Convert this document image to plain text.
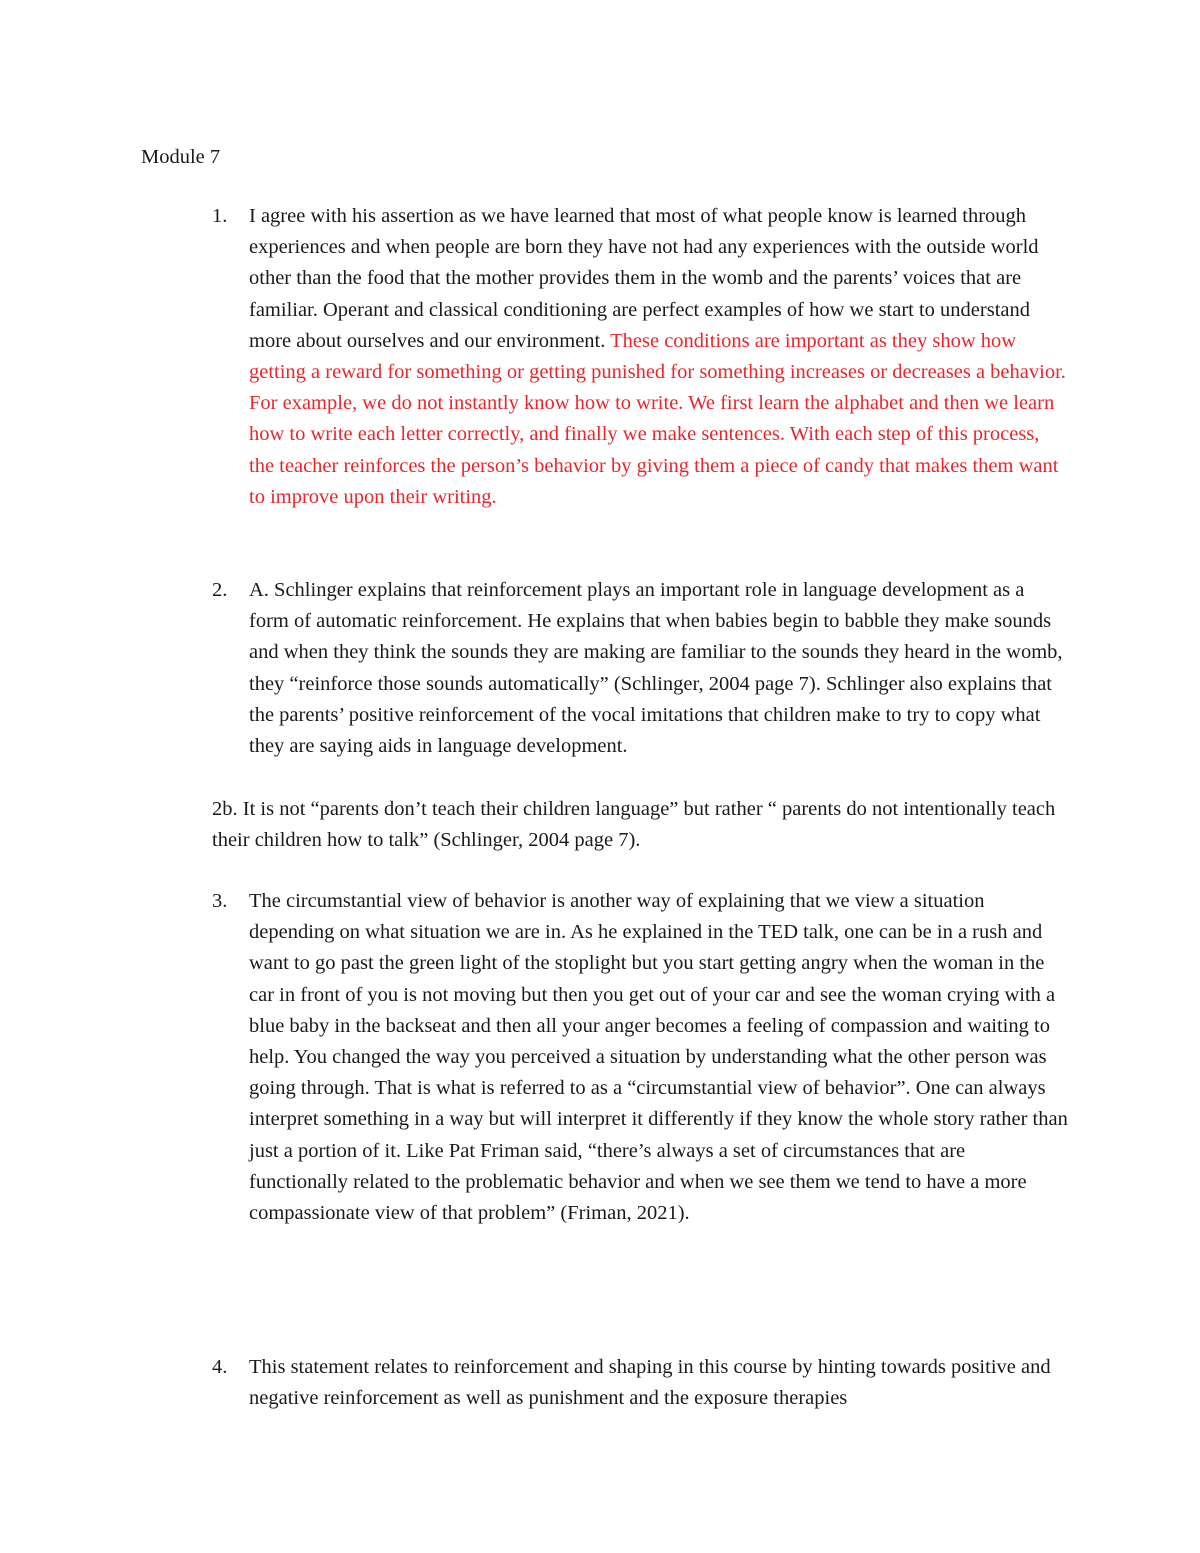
Module 7
1.	I agree with his assertion as we have learned that most of what people know is learned through experiences and when people are born they have not had any experiences with the outside world other than the food that the mother provides them in the womb and the parents’ voices that are familiar. Operant and classical conditioning are perfect examples of how we start to understand more about ourselves and our environment. These conditions are important as they show how getting a reward for something or getting punished for something increases or decreases a behavior. For example, we do not instantly know how to write. We first learn the alphabet and then we learn how to write each letter correctly, and finally we make sentences. With each step of this process, the teacher reinforces the person’s behavior by giving them a piece of candy that makes them want to improve upon their writing.
2.	A. Schlinger explains that reinforcement plays an important role in language development as a form of automatic reinforcement. He explains that when babies begin to babble they make sounds and when they think the sounds they are making are familiar to the sounds they heard in the womb, they “reinforce those sounds automatically” (Schlinger, 2004 page 7). Schlinger also explains that the parents’ positive reinforcement of the vocal imitations that children make to try to copy what they are saying aids in language development.
2b. It is not “parents don’t teach their children language” but rather “ parents do not intentionally teach their children how to talk” (Schlinger, 2004 page 7).
3.	The circumstantial view of behavior is another way of explaining that we view a situation depending on what situation we are in. As he explained in the TED talk, one can be in a rush and want to go past the green light of the stoplight but you start getting angry when the woman in the car in front of you is not moving but then you get out of your car and see the woman crying with a blue baby in the backseat and then all your anger becomes a feeling of compassion and waiting to help. You changed the way you perceived a situation by understanding what the other person was going through. That is what is referred to as a “circumstantial view of behavior”. One can always interpret something in a way but will interpret it differently if they know the whole story rather than just a portion of it. Like Pat Friman said, “there’s always a set of circumstances that are functionally related to the problematic behavior and when we see them we tend to have a more compassionate view of that problem” (Friman, 2021).
4.	This statement relates to reinforcement and shaping in this course by hinting towards positive and negative reinforcement as well as punishment and the exposure therapies
